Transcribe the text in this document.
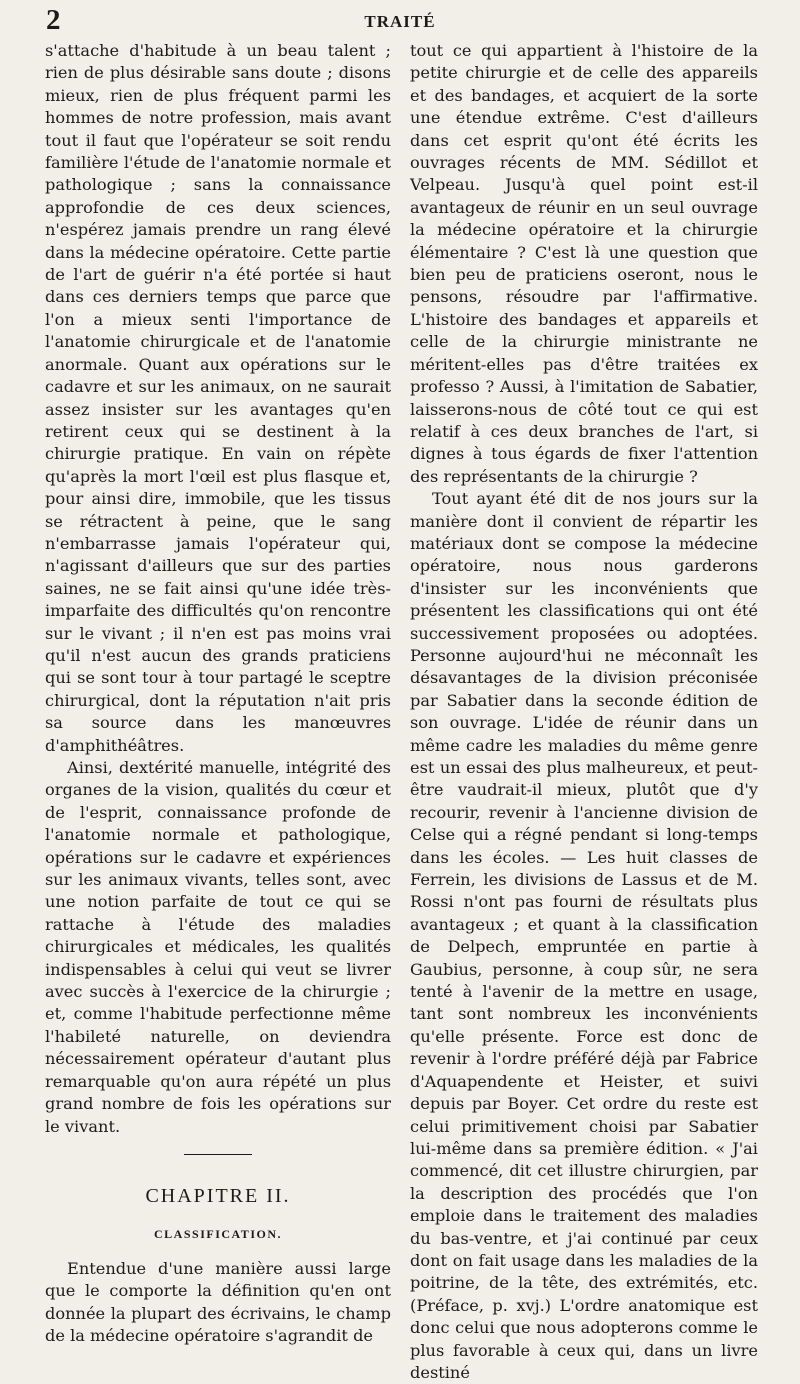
2	TRAITÉ

s'attache d'habitude à un beau talent ; rien de plus désirable sans doute ; disons mieux, rien de plus fréquent parmi les hommes de notre profession, mais avant tout il faut que l'opérateur se soit rendu familière l'étude de l'anatomie normale et pathologique ; sans la connaissance approfondie de ces deux sciences, n'espérez jamais prendre un rang élevé dans la médecine opératoire. Cette partie de l'art de guérir n'a été portée si haut dans ces derniers temps que parce que l'on a mieux senti l'importance de l'anatomie chirurgicale et de l'anatomie anormale. Quant aux opérations sur le cadavre et sur les animaux, on ne saurait assez insister sur les avantages qu'en retirent ceux qui se destinent à la chirurgie pratique. En vain on répète qu'après la mort l'œil est plus flasque et, pour ainsi dire, immobile, que les tissus se rétractent à peine, que le sang n'embarrasse jamais l'opérateur qui, n'agissant d'ailleurs que sur des parties saines, ne se fait ainsi qu'une idée très-imparfaite des difficultés qu'on rencontre sur le vivant ; il n'en est pas moins vrai qu'il n'est aucun des grands praticiens qui se sont tour à tour partagé le sceptre chirurgical, dont la réputation n'ait pris sa source dans les manœuvres d'amphithéâtres.

Ainsi, dextérité manuelle, intégrité des organes de la vision, qualités du cœur et de l'esprit, connaissance profonde de l'anatomie normale et pathologique, opérations sur le cadavre et expériences sur les animaux vivants, telles sont, avec une notion parfaite de tout ce qui se rattache à l'étude des maladies chirurgicales et médicales, les qualités indispensables à celui qui veut se livrer avec succès à l'exercice de la chirurgie ; et, comme l'habitude perfectionne même l'habileté naturelle, on deviendra nécessairement opérateur d'autant plus remarquable qu'on aura répété un plus grand nombre de fois les opérations sur le vivant.

CHAPITRE II.
CLASSIFICATION.

Entendue d'une manière aussi large que le comporte la définition qu'en ont donnée la plupart des écrivains, le champ de la médecine opératoire s'agrandit de

tout ce qui appartient à l'histoire de la petite chirurgie et de celle des appareils et des bandages, et acquiert de la sorte une étendue extrême. C'est d'ailleurs dans cet esprit qu'ont été écrits les ouvrages récents de MM. Sédillot et Velpeau. Jusqu'à quel point est-il avantageux de réunir en un seul ouvrage la médecine opératoire et la chirurgie élémentaire ? C'est là une question que bien peu de praticiens oseront, nous le pensons, résoudre par l'affirmative. L'histoire des bandages et appareils et celle de la chirurgie ministrante ne méritent-elles pas d'être traitées ex professo ? Aussi, à l'imitation de Sabatier, laisserons-nous de côté tout ce qui est relatif à ces deux branches de l'art, si dignes à tous égards de fixer l'attention des représentants de la chirurgie ?

Tout ayant été dit de nos jours sur la manière dont il convient de répartir les matériaux dont se compose la médecine opératoire, nous nous garderons d'insister sur les inconvénients que présentent les classifications qui ont été successivement proposées ou adoptées. Personne aujourd'hui ne méconnaît les désavantages de la division préconisée par Sabatier dans la seconde édition de son ouvrage. L'idée de réunir dans un même cadre les maladies du même genre est un essai des plus malheureux, et peut-être vaudrait-il mieux, plutôt que d'y recourir, revenir à l'ancienne division de Celse qui a régné pendant si long-temps dans les écoles. — Les huit classes de Ferrein, les divisions de Lassus et de M. Rossi n'ont pas fourni de résultats plus avantageux ; et quant à la classification de Delpech, empruntée en partie à Gaubius, personne, à coup sûr, ne sera tenté à l'avenir de la mettre en usage, tant sont nombreux les inconvénients qu'elle présente. Force est donc de revenir à l'ordre préféré déjà par Fabrice d'Aquapendente et Heister, et suivi depuis par Boyer. Cet ordre du reste est celui primitivement choisi par Sabatier lui-même dans sa première édition. « J'ai commencé, dit cet illustre chirurgien, par la description des procédés que l'on emploie dans le traitement des maladies du bas-ventre, et j'ai continué par ceux dont on fait usage dans les maladies de la poitrine, de la tête, des extrémités, etc. (Préface, p. xvj.) L'ordre anatomique est donc celui que nous adopterons comme le plus favorable à ceux qui, dans un livre destiné
